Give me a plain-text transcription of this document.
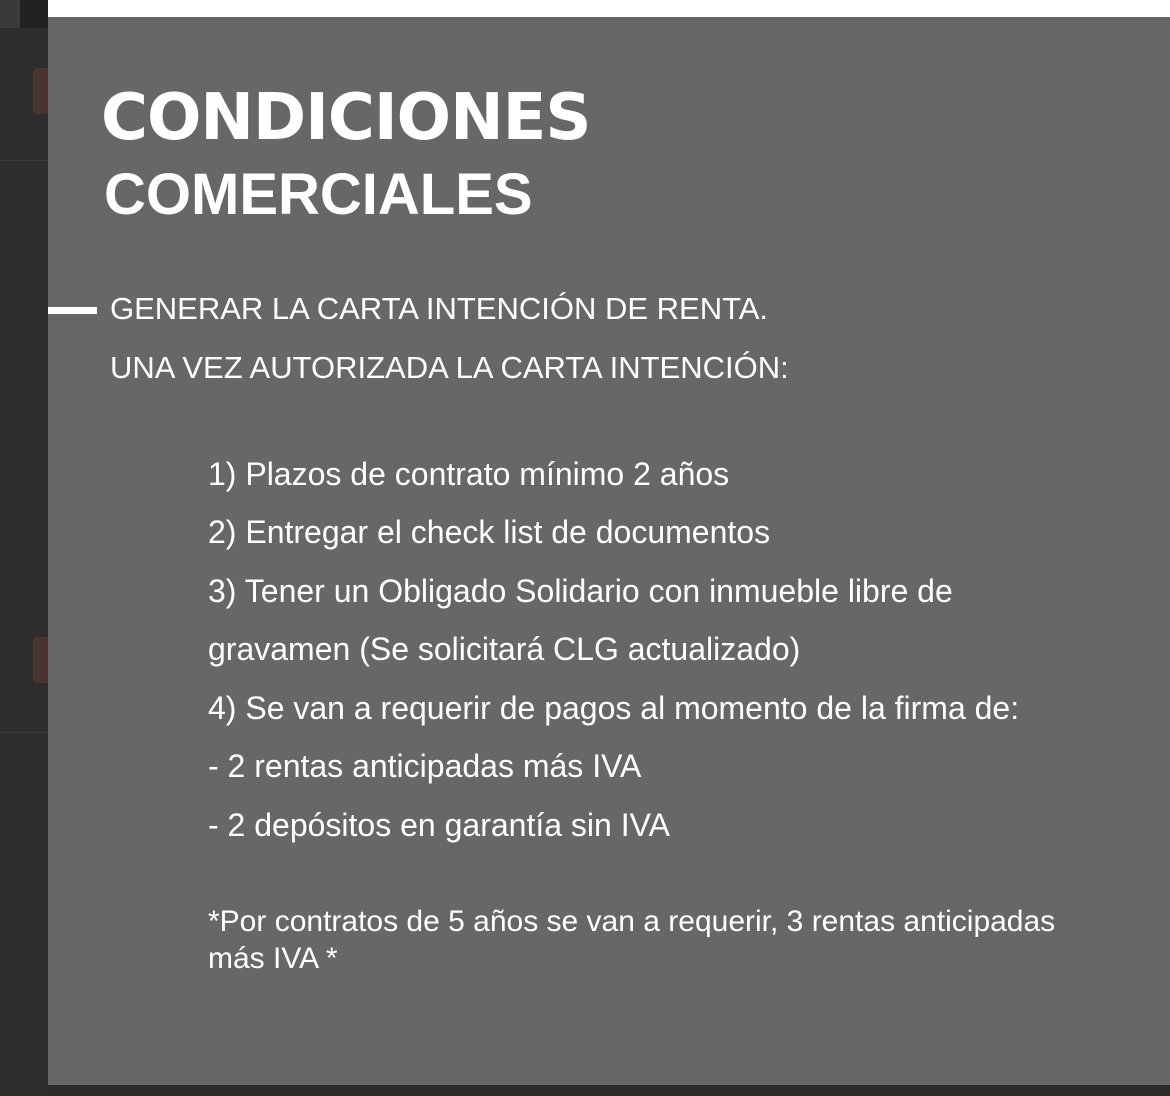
CONDICIONES
COMERCIALES

GENERAR LA CARTA INTENCIÓN DE RENTA.

UNA VEZ AUTORIZADA LA CARTA INTENCIÓN:

1) Plazos de contrato mínimo 2 años

2) Entregar el check list de documentos

3) Tener un Obligado Solidario con inmueble libre de

gravamen (Se solicitará CLG actualizado)

4) Se van a requerir de pagos al momento de la firma de:

- 2 rentas anticipadas más IVA

- 2 depósitos en garantía sin IVA

*Por contratos de 5 años se van a requerir, 3 rentas anticipadas más IVA *
